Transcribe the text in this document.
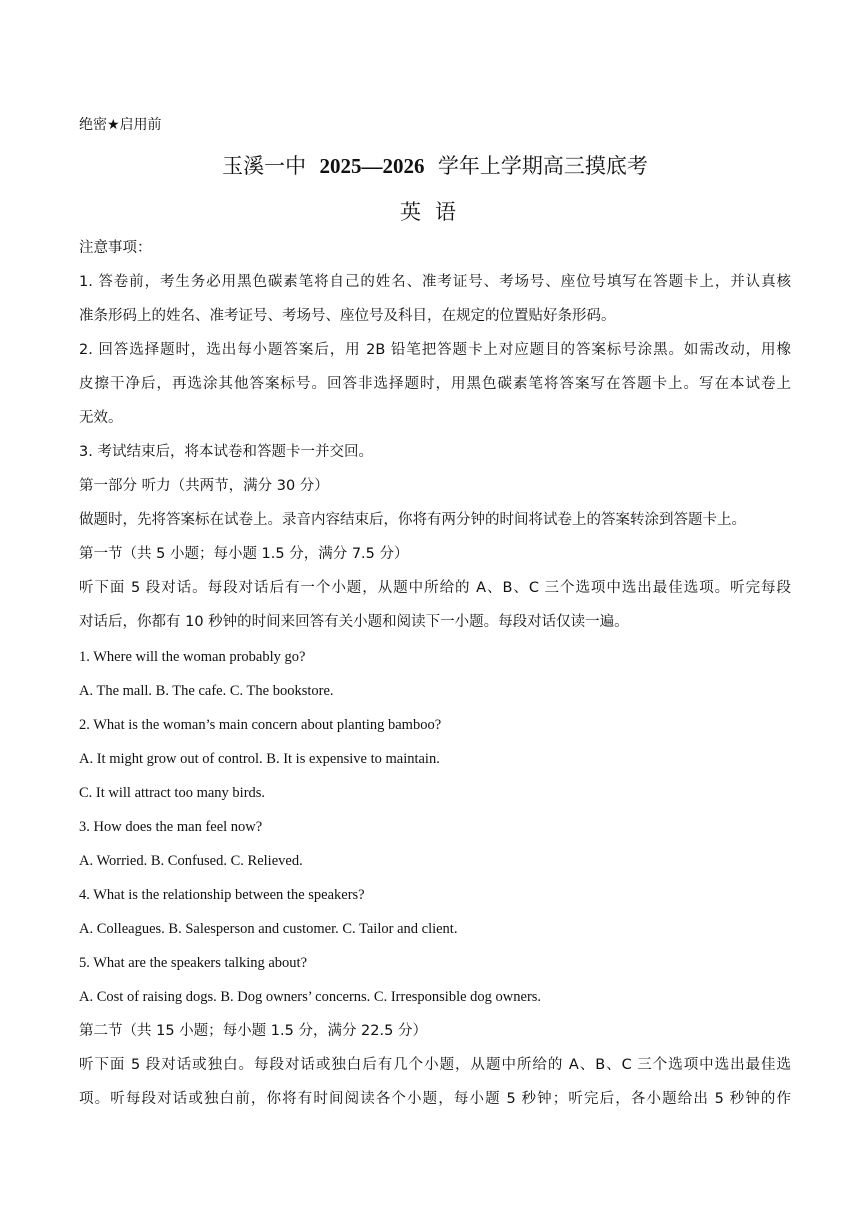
绝密★启用前
玉溪一中 2025—2026 学年上学期高三摸底考
英语
注意事项：
1. 答卷前，考生务必用黑色碳素笔将自己的姓名、准考证号、考场号、座位号填写在答题卡上，并认真核
准条形码上的姓名、准考证号、考场号、座位号及科目，在规定的位置贴好条形码。
2. 回答选择题时，选出每小题答案后，用 2B 铅笔把答题卡上对应题目的答案标号涂黑。如需改动，用橡
皮擦干净后，再选涂其他答案标号。回答非选择题时，用黑色碳素笔将答案写在答题卡上。写在本试卷上
无效。
3. 考试结束后，将本试卷和答题卡一并交回。
第一部分 听力（共两节，满分 30 分）
做题时，先将答案标在试卷上。录音内容结束后，你将有两分钟的时间将试卷上的答案转涂到答题卡上。
第一节（共 5 小题；每小题 1.5 分，满分 7.5 分）
听下面 5 段对话。每段对话后有一个小题，从题中所给的 A、B、C 三个选项中选出最佳选项。听完每段
对话后，你都有 10 秒钟的时间来回答有关小题和阅读下一小题。每段对话仅读一遍。
1. Where will the woman probably go?
A. The mall. B. The cafe. C. The bookstore.
2. What is the woman’s main concern about planting bamboo?
A. It might grow out of control. B. It is expensive to maintain.
C. It will attract too many birds.
3. How does the man feel now?
A. Worried. B. Confused. C. Relieved.
4. What is the relationship between the speakers?
A. Colleagues. B. Salesperson and customer. C. Tailor and client.
5. What are the speakers talking about?
A. Cost of raising dogs. B. Dog owners’ concerns. C. Irresponsible dog owners.
第二节（共 15 小题；每小题 1.5 分，满分 22.5 分）
听下面 5 段对话或独白。每段对话或独白后有几个小题，从题中所给的 A、B、C 三个选项中选出最佳选
项。听每段对话或独白前，你将有时间阅读各个小题，每小题 5 秒钟；听完后，各小题给出 5 秒钟的作
